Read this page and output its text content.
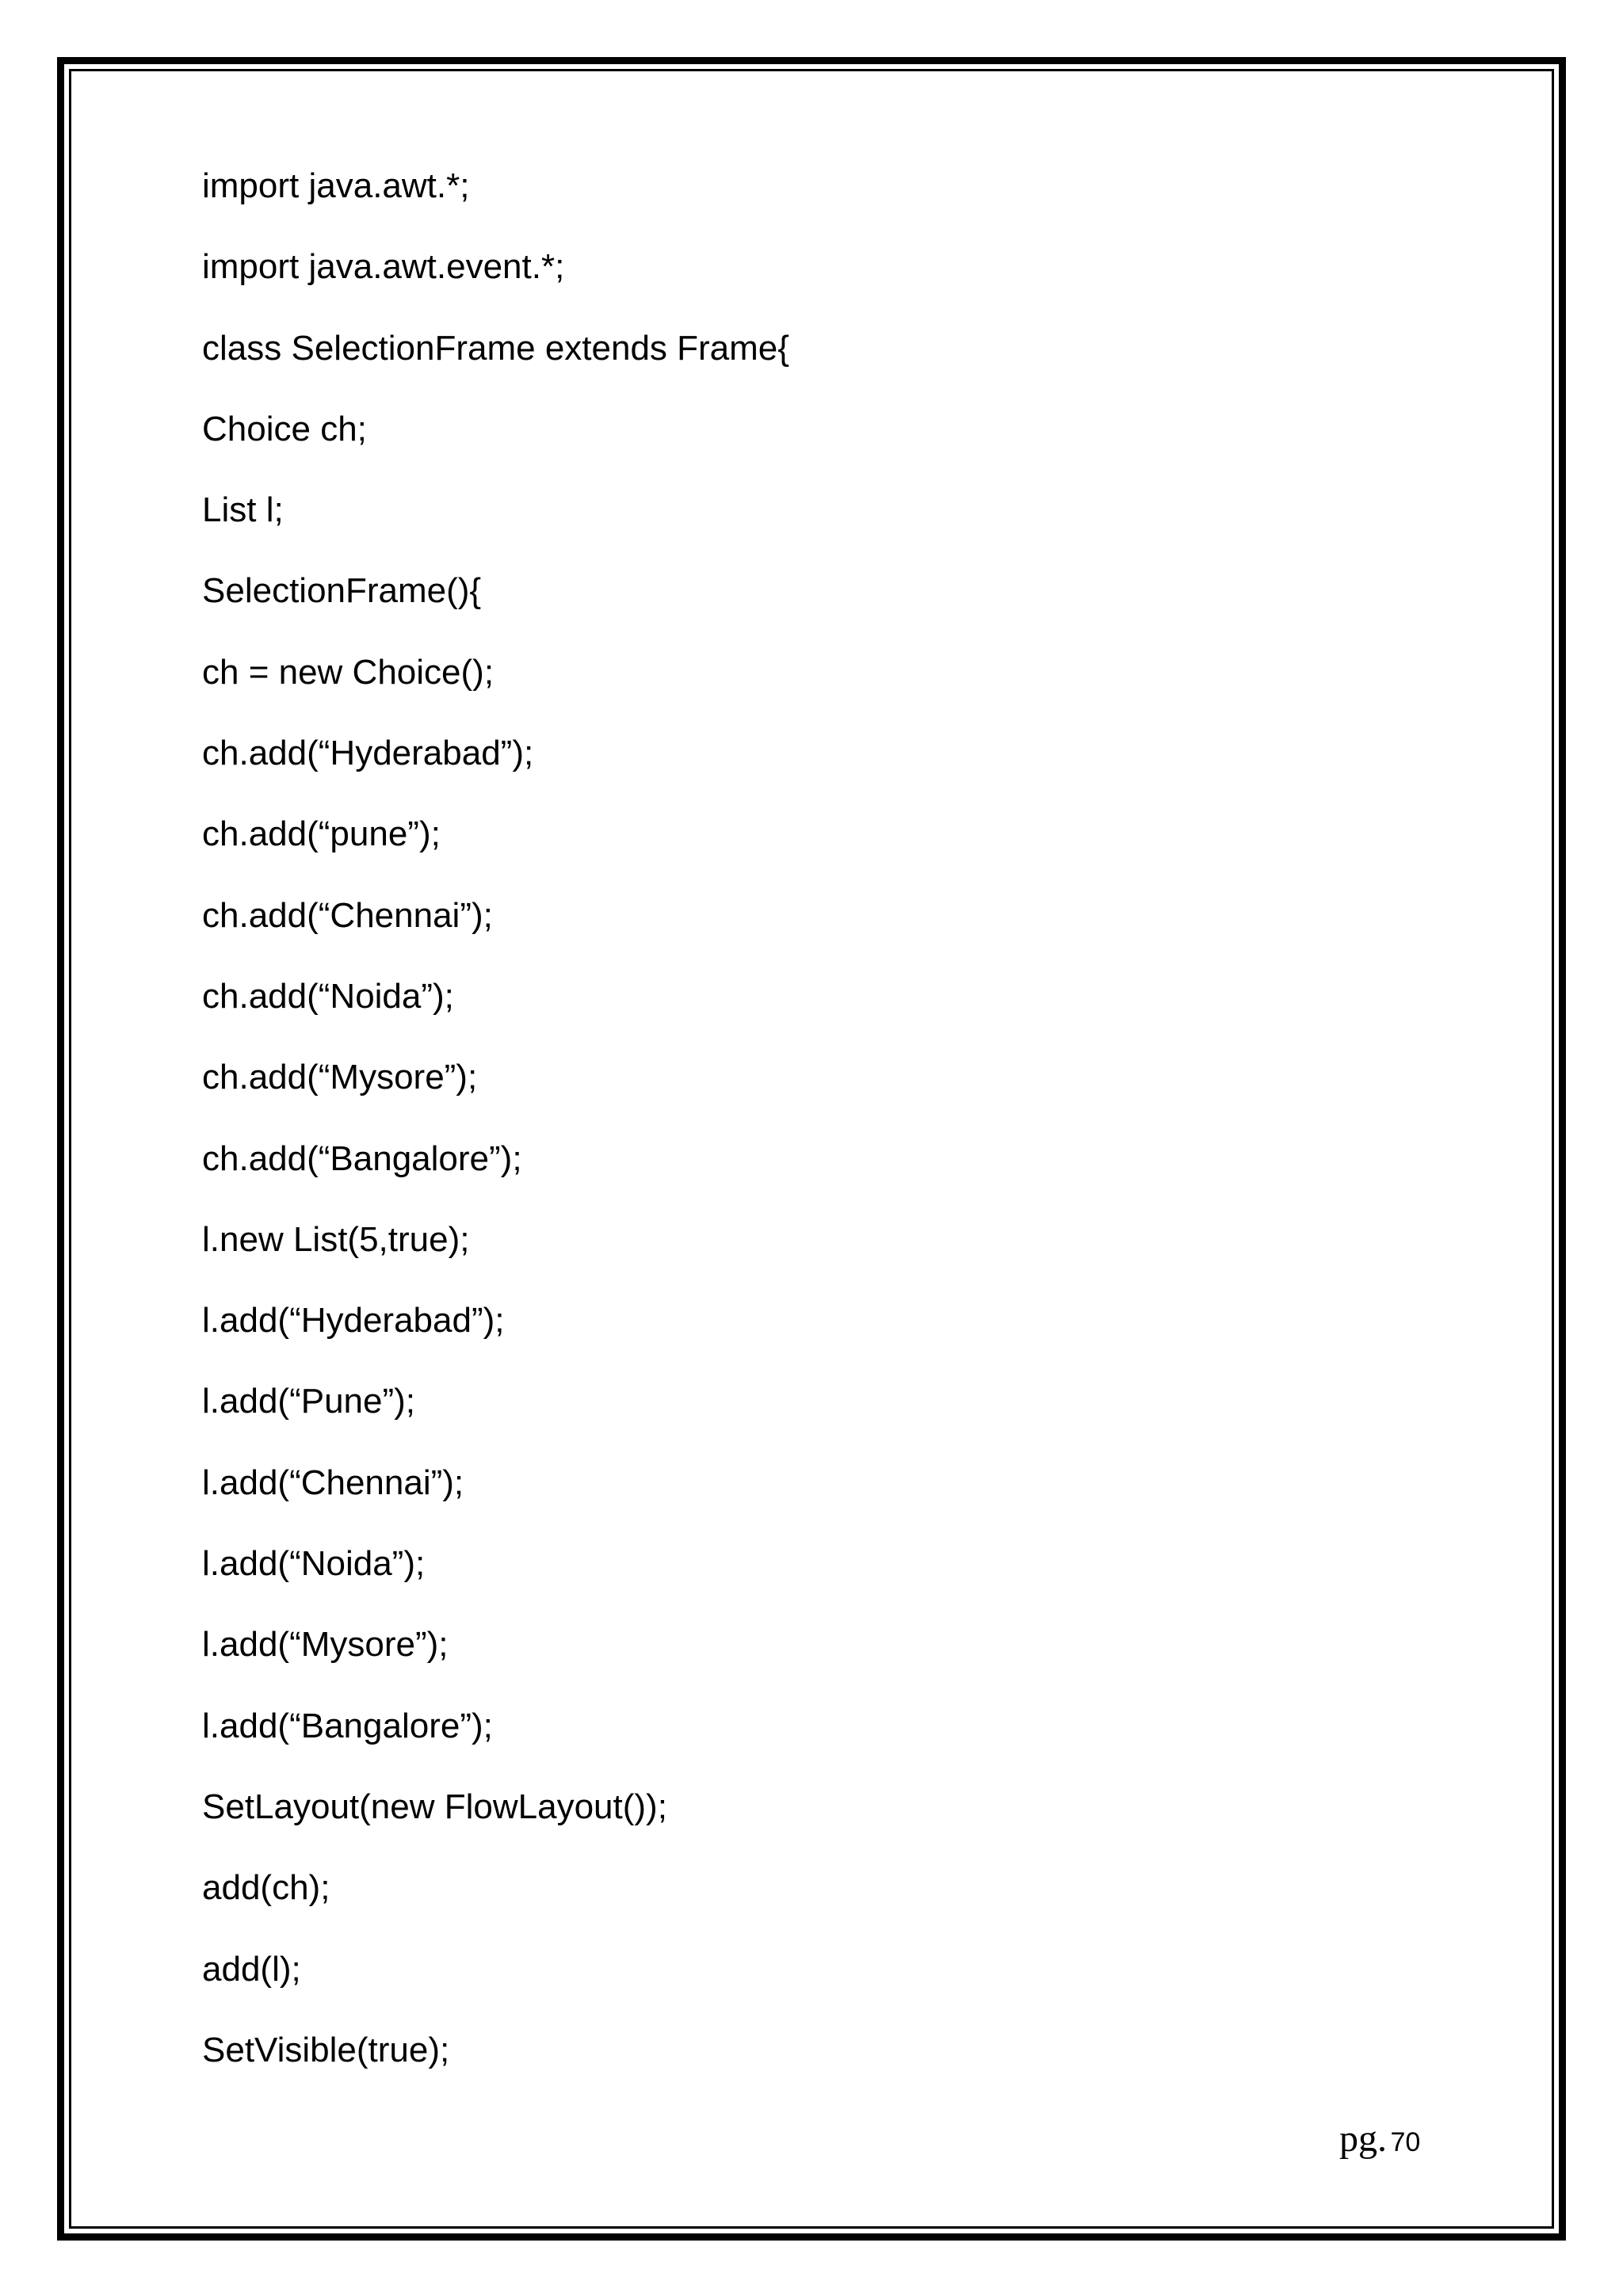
import java.awt.*;
import java.awt.event.*;
class SelectionFrame extends Frame{
Choice ch;
List l;
SelectionFrame(){
ch = new Choice();
ch.add(“Hyderabad”);
ch.add(“pune”);
ch.add(“Chennai”);
ch.add(“Noida”);
ch.add(“Mysore”);
ch.add(“Bangalore”);
l.new List(5,true);
l.add(“Hyderabad”);
l.add(“Pune”);
l.add(“Chennai”);
l.add(“Noida”);
l.add(“Mysore”);
l.add(“Bangalore”);
SetLayout(new FlowLayout());
add(ch);
add(l);
SetVisible(true);
pg. 70
